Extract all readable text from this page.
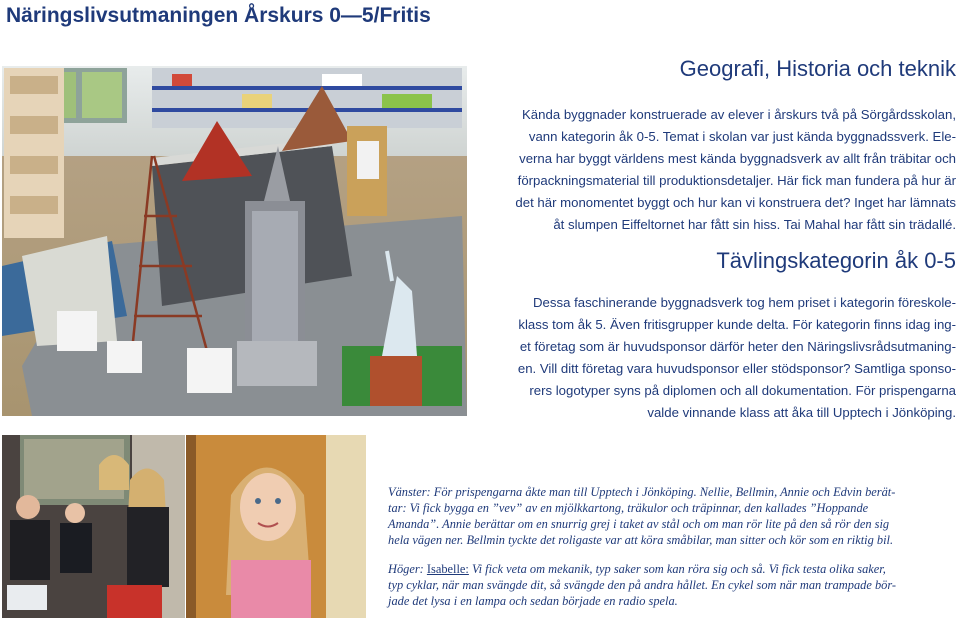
Näringslivsutmaningen Årskurs 0—5/Fritis
Geografi, Historia och teknik
Kända byggnader konstruerade av elever i årskurs två på Sörgårdsskolan,
vann kategorin åk 0-5. Temat i skolan var just kända byggnadssverk. Ele-
verna har byggt världens mest kända byggnadsverk av allt från träbitar och
förpackningsmaterial till produktionsdetaljer. Här fick man fundera på hur är
det här monomentet byggt och hur kan vi konstruera det? Inget har lämnats
åt slumpen Eiffeltornet har fått sin hiss. Tai Mahal har fått sin trädallé.
Tävlingskategorin åk 0-5
Dessa faschinerande byggnadsverk tog hem priset i kategorin föreskole-
klass tom åk 5. Även fritisgrupper kunde delta. För kategorin finns idag ing-
et företag som är huvudsponsor därför heter den Näringslivsrådsutmaning-
en. Vill ditt företag vara huvudsponsor eller stödsponsor? Samtliga sponso-
rers logotyper syns på diplomen och all dokumentation. För prispengarna
valde vinnande klass att åka till Upptech i Jönköping.
Vänster: För prispengarna åkte man till Upptech i Jönköping. Nellie, Bellmin, Annie och Edvin berät-
tar: Vi fick bygga en ”vev” av en mjölkkartong, träkulor och träpinnar, den kallades ”Hoppande
Amanda”. Annie berättar om en snurrig grej i taket av stål och om man rör lite på den så rör den sig
hela vägen ner. Bellmin tyckte det roligaste var att köra småbilar, man sitter och kör som en riktig bil.
Höger: Isabelle: Vi fick veta om mekanik, typ saker som kan röra sig och så. Vi fick testa olika saker,
typ cyklar, när man svängde dit, så svängde den på andra hållet. En cykel som när man trampade bör-
jade det lysa i en lampa och sedan började en radio spela.
